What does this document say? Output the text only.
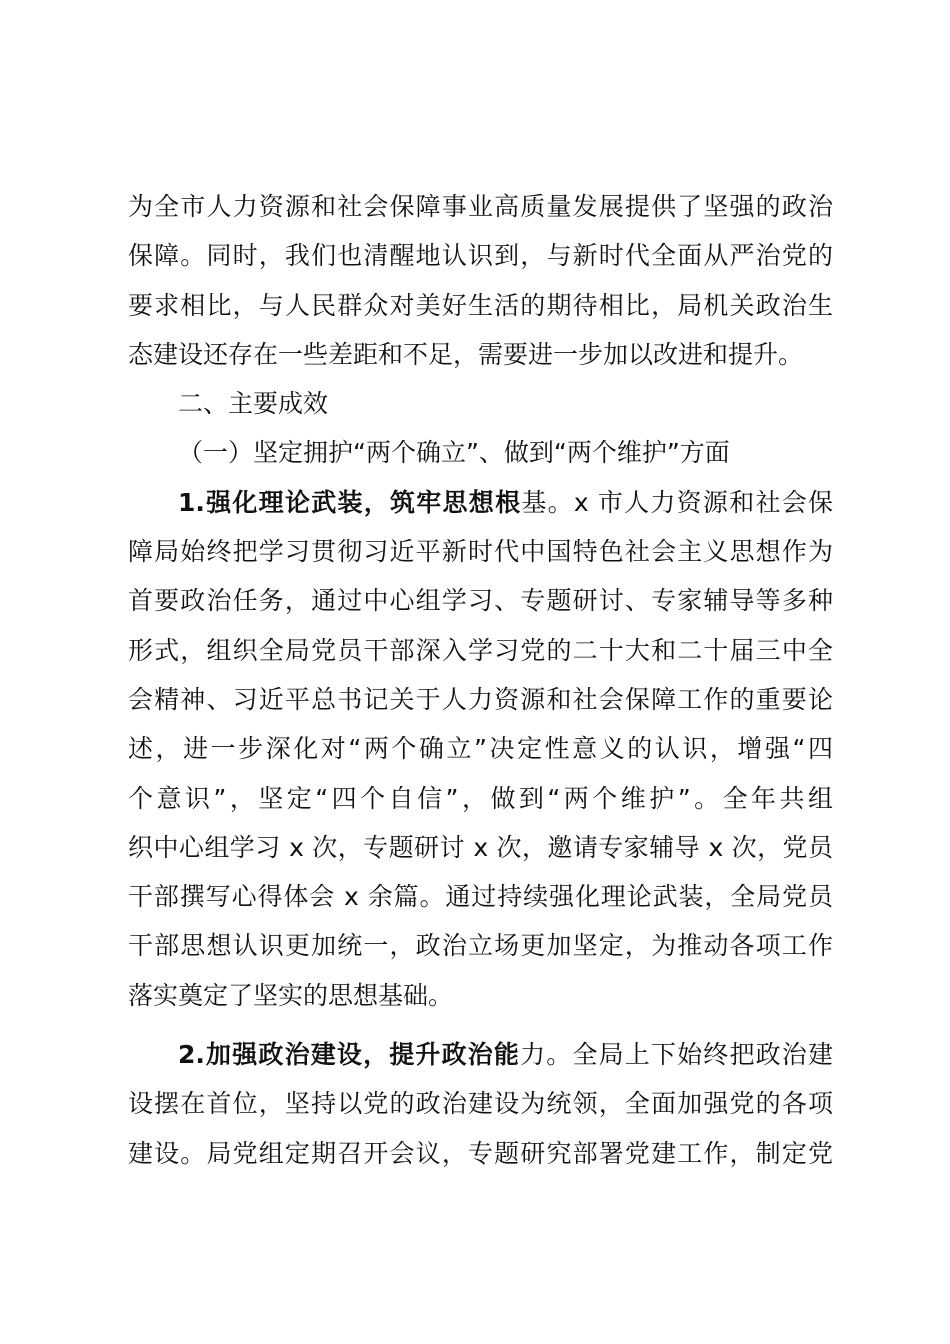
为全市人力资源和社会保障事业高质量发展提供了坚强的政治
保障。同时，我们也清醒地认识到，与新时代全面从严治党的
要求相比，与人民群众对美好生活的期待相比，局机关政治生
态建设还存在一些差距和不足，需要进一步加以改进和提升。
二、主要成效
（一）坚定拥护“两个确立”、做到“两个维护”方面
1.强化理论武装，筑牢思想根基。x 市人力资源和社会保
障局始终把学习贯彻习近平新时代中国特色社会主义思想作为
首要政治任务，通过中心组学习、专题研讨、专家辅导等多种
形式，组织全局党员干部深入学习党的二十大和二十届三中全
会精神、习近平总书记关于人力资源和社会保障工作的重要论
述，进一步深化对“两个确立”决定性意义的认识，增强“四
个意识”，坚定“四个自信”，做到“两个维护”。全年共组
织中心组学习 x 次，专题研讨 x 次，邀请专家辅导 x 次，党员
干部撰写心得体会 x 余篇。通过持续强化理论武装，全局党员
干部思想认识更加统一，政治立场更加坚定，为推动各项工作
落实奠定了坚实的思想基础。
2.加强政治建设，提升政治能力。全局上下始终把政治建
设摆在首位，坚持以党的政治建设为统领，全面加强党的各项
建设。局党组定期召开会议，专题研究部署党建工作，制定党
